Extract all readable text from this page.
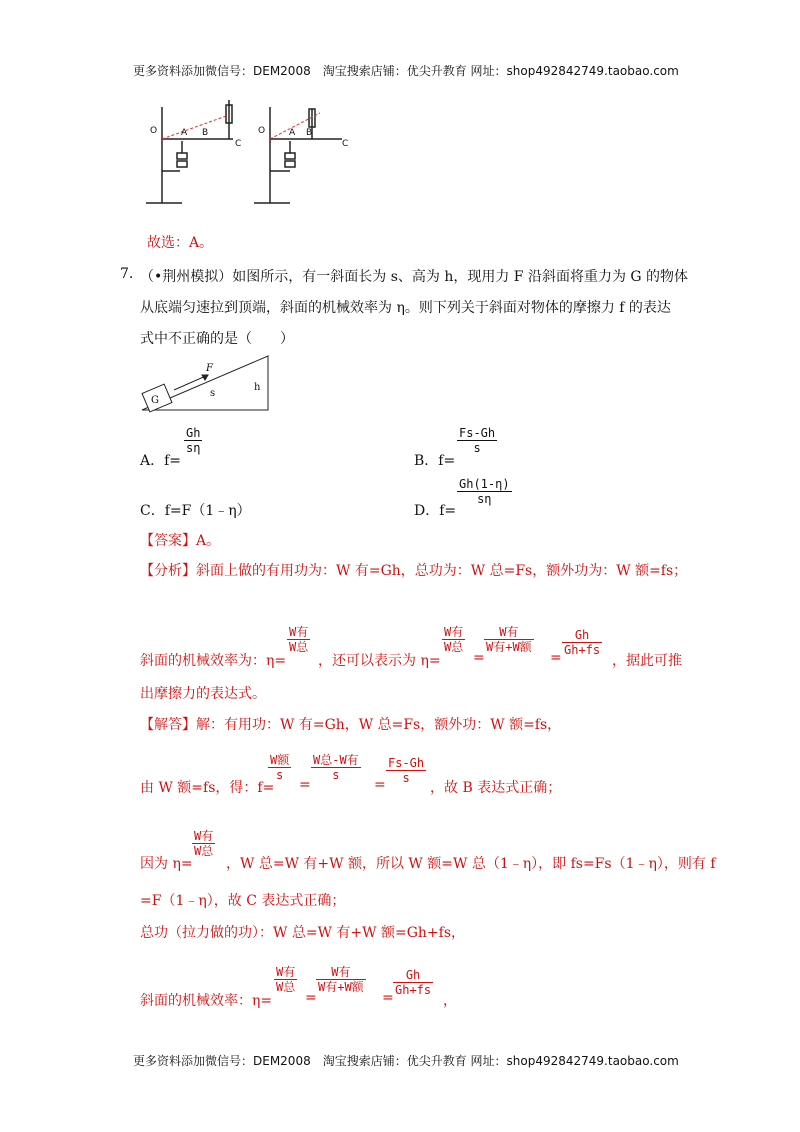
更多资料添加微信号：DEM2008　淘宝搜索店铺：优尖升教育 网址：shop492842749.taobao.com
O	A B
C
O	A B
C
故选：A。
7. （•荆州模拟）如图所示，有一斜面长为 s、高为 h，现用力 F 沿斜面将重力为 G 的物体
从底端匀速拉到顶端，斜面的机械效率为 η。则下列关于斜面对物体的摩擦力 f 的表达
式中不正确的是（　　）
G
F
s
h
A．f=
Gh
sη
B．f=
Fs-Gh
s
C．f=F（1﹣η）	D．f=
Gh(1-η)
sη
【答案】A。
【分析】斜面上做的有用功为：W 有=Gh，总功为：W 总=Fs，额外功为：W 额=fs；
斜面的机械效率为：η=
W有
W总
，还可以表示为 η=
W有
W总
=
W有
W有+W额
=
Gh
Gh+fs
，据此可推
出摩擦力的表达式。
【解答】解：有用功：W 有=Gh，W 总=Fs，额外功：W 额=fs，
由 W 额=fs，得：f=
W额
s
=
W总-W有
s
=
Fs-Gh
s
，故 B 表达式正确；
因为 η=
W有
W总
，W 总=W 有+W 额，所以 W 额=W 总（1﹣η），即 fs=Fs（1﹣η），则有 f
=F（1﹣η），故 C 表达式正确；
总功（拉力做的功）：W 总=W 有+W 额=Gh+fs，
斜面的机械效率：η=
W有
W总
=
W有
W有+W额
=
Gh
Gh+fs
，
更多资料添加微信号：DEM2008　淘宝搜索店铺：优尖升教育 网址：shop492842749.taobao.com
